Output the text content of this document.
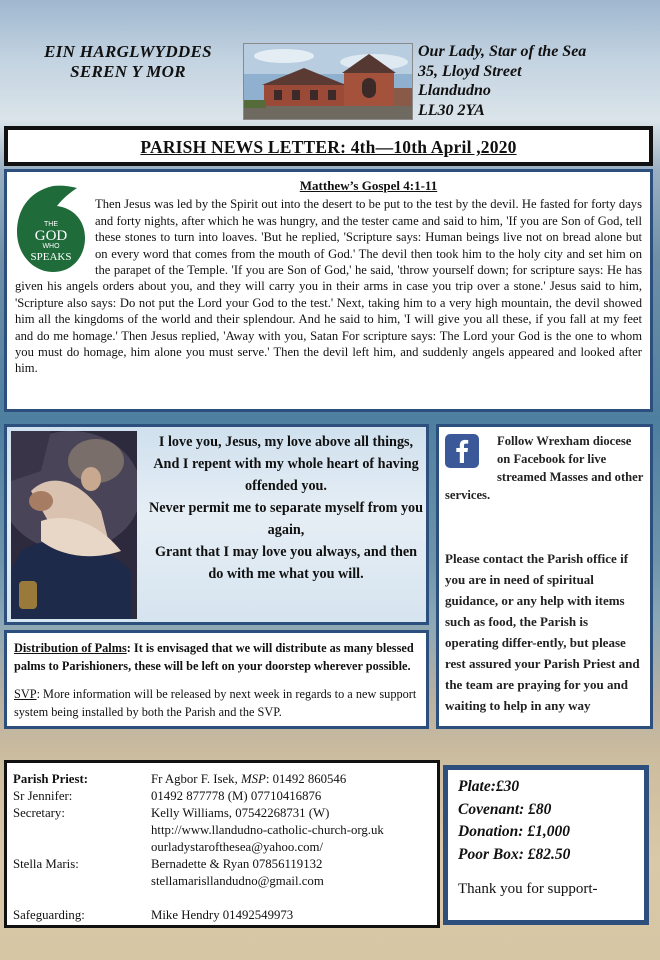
EIN HARGLWYDDES
SEREN Y MOR
Our Lady, Star of the Sea
35, Lloyd Street
Llandudno
LL30 2YA
PARISH NEWS LETTER: 4th—10th April ,2020
Matthew’s Gospel 4:1-11
THE
GOD
WHO
SPEAKS
Then Jesus was led by the Spirit out into the desert to be put to the test by the devil. He fasted for forty days and forty nights, after which he was hungry, and the tester came and said to him, 'If you are Son of God, tell these stones to turn into loaves. 'But he replied, 'Scripture says: Human beings live not on bread alone but on every word that comes from the mouth of God.' The devil then took him to the holy city and set him on the parapet of the Temple. 'If you are Son of God,' he said, 'throw yourself down; for scripture says: He has given his angels orders about you, and they will carry you in their arms in case you trip over a stone.' Jesus said to him, 'Scripture also says: Do not put the Lord your God to the test.' Next, taking him to a very high mountain, the devil showed him all the kingdoms of the world and their splendour. And he said to him, 'I will give you all these, if you fall at my feet and do me homage.' Then Jesus replied, 'Away with you, Satan For scripture says: The Lord your God is the one to whom you must do homage, him alone you must serve.' Then the devil left him, and suddenly angels appeared and looked after him.
I love you, Jesus, my love above all things,
And I repent with my whole heart of having offended you.
Never permit me to separate myself from you again,
Grant that I may love you always, and then do with me what you will.
Follow Wrexham diocese on Facebook for live streamed Masses and other services.
Please contact the Parish office if you are in need of spiritual guidance, or any help with items such as food, the Parish is operating differ-ently, but please rest assured your Parish Priest and the team are praying for you and waiting to help in any way

Distribution of Palms: It is envisaged that we will distribute as many blessed palms to Parishioners, these will be left on your doorstep wherever possible.

SVP: More information will be released by next week in regards to a new support system being installed by both the Parish and the SVP.

Parish Priest:	Fr Agbor F. Isek, MSP: 01492 860546
Sr Jennifer:	01492 877778 (M) 07710416876
Secretary:	Kelly Williams, 07542268731 (W)
http://www.llandudno-catholic-church-org.uk
ourladystarofthesea@yahoo.com/
Stella Maris:	Bernadette & Ryan 07856119132
stellamarisllandudno@gmail.com
Safeguarding:	Mike Hendry 01492549973
Plate:£30
Covenant: £80
Donation: £1,000
Poor Box: £82.50
Thank you for support-
